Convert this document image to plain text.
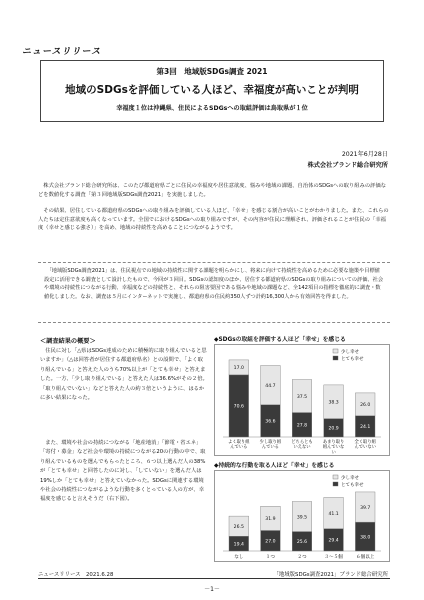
ニュースリリース
第3回　地域版SDGs調査 2021
地域のSDGsを評価している人ほど、幸福度が高いことが判明
幸福度１位は沖縄県、住民によるSDGsへの取組評価は鳥取県が１位
2021年6月28日
株式会社ブランド総合研究所
株式会社ブランド総合研究所は、このたび都道府県ごとに住民の幸福度や居住意欲度、悩みや地域の課題、自治体のSDGsへの取り組みの評価などを数値化する調査「第３回地域版SDGs調査2021」を実施しました。
その結果、居住している都道府県のSDGsへの取り組みを評価している人ほど、「幸せ」を感じる割合が高いことがわかりました。また、これらの人たちは定住意欲度も高くなっています。全国でにおけるSDGsへの取り組みですが、その内容が住民に理解され、評価されることが住民の「幸福度（幸せと感じる強さ）」を高め、地域の持続性を高めることにつながるようです。
「地域版SDGs調査2021」は、住民視点での地域の持続性に関する課題を明らかにし、将来に向けて持続性を高めるために必要な施策や目標値設定に活用できる調査として設計したもので、今回が３回目。SDGsの認知度のほか、居住する都道府県のSDGsの取り組みについての評価、社会や環境の持続性につながる行動、幸福度などの持続性と、それらの阻害要因である悩みや地域の課題など、全142項目の指標を徹底的に調査・数値化しました。なお、調査は５月にインターネットで実施し、都道府県の住民約350人ずつ計約16,300人から有効回答を得ました。
＜調査結果の概要＞
住民に対し「△県はSDGs達成のために積極的に取り組んでいると思いますか」（△は回答者が居住する都道府県名）との設問で、「よく取り組んでいる」と答えた人のうち70%以上が「とても幸せ」と答えました。一方、「少し取り組んでいる」と答えた人は36.6%がその２倍。「取り組んでいない」などと答えた人の約３倍というように、はるかに多い結果になった。
また、環境や社会の持続につながる「地産地消」「節電・省エネ」「寄付・募金」など社会や環境の持続につながる20の行動の中で、取り組んでいるものを選んでもらったところ、６つ以上選んだ人の38%が「とても幸せ」と回答したのに対し、「していない」を選んだ人は19%しか「とても幸せ」と答えていなかった。SDGsに関連する環境や社会の持続性につながるような行動を多くとっている人の方が、幸福度を感じると言えそうだ（右下図）。
◆SDGsの取組を評価する人ほど「幸せ」を感じる
少し幸せ
とても幸せ
70.6
17.0
よく取り組
んでいる
36.6
44.7
少し取り組
んでいる
27.8
37.5
どちらとも
いえない
20.9
38.3
あまり取り
組んでいな
い
24.1
26.0
全く取り組
んでいない
◆持続的な行動を取る人ほど「幸せ」を感じる
少し幸せ
とても幸せ
19.4
26.5
なし
27.0
31.9
１つ
25.6
39.5
２つ
29.4
41.1
３～５個
38.0
39.7
６個以上
ニュースリリース　2021.6.28	「地域版SDGs調査2021」ブランド総合研究所
－1－
